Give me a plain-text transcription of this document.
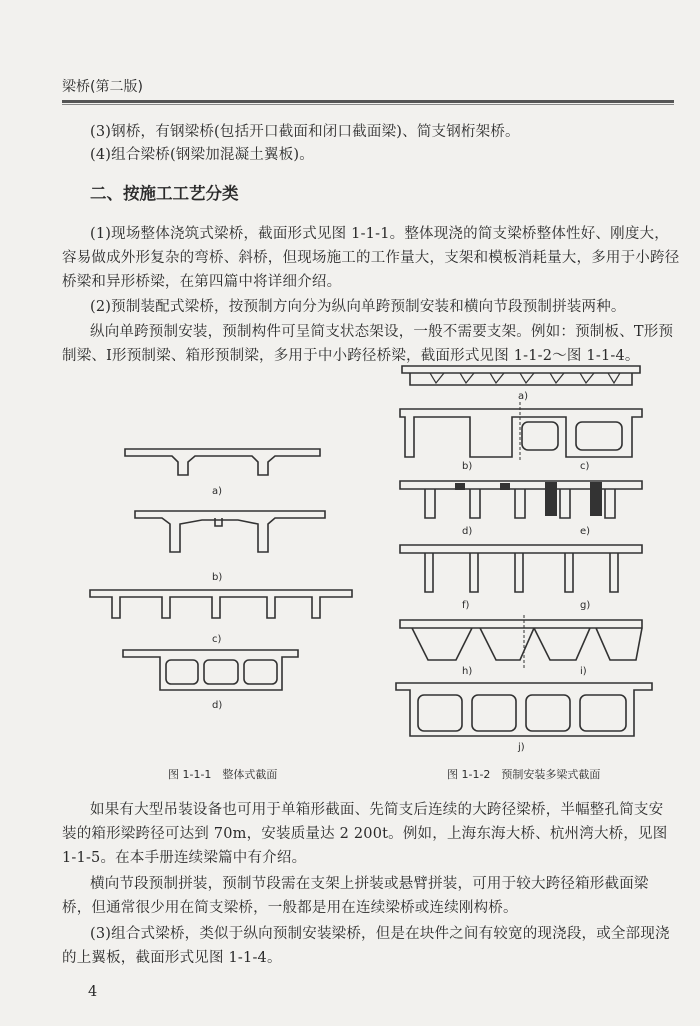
梁桥(第二版)
(3)钢桥，有钢梁桥(包括开口截面和闭口截面梁)、简支钢桁架桥。
(4)组合梁桥(钢梁加混凝土翼板)。
二、按施工工艺分类
(1)现场整体浇筑式梁桥，截面形式见图 1-1-1。整体现浇的简支梁桥整体性好、刚度大，
容易做成外形复杂的弯桥、斜桥，但现场施工的工作量大，支架和模板消耗量大，多用于小跨径
桥梁和异形桥梁，在第四篇中将详细介绍。
(2)预制装配式梁桥，按预制方向分为纵向单跨预制安装和横向节段预制拼装两种。
纵向单跨预制安装，预制构件可呈简支状态架设，一般不需要支架。例如：预制板、T形预
制梁、I形预制梁、箱形预制梁，多用于中小跨径桥梁，截面形式见图 1-1-2～图 1-1-4。
a)
b)
c)
d)
a)
b)	c)
d)	e)
f)	g)
h)	i)
j)
图 1-1-1　整体式截面	图 1-1-2　预制安装多梁式截面
如果有大型吊装设备也可用于单箱形截面、先简支后连续的大跨径梁桥，半幅整孔简支安
装的箱形梁跨径可达到 70m，安装质量达 2 200t。例如，上海东海大桥、杭州湾大桥，见图
1-1-5。在本手册连续梁篇中有介绍。
横向节段预制拼装，预制节段需在支架上拼装或悬臂拼装，可用于较大跨径箱形截面梁
桥，但通常很少用在简支梁桥，一般都是用在连续梁桥或连续刚构桥。
(3)组合式梁桥，类似于纵向预制安装梁桥，但是在块件之间有较宽的现浇段，或全部现浇
的上翼板，截面形式见图 1-1-4。
4
